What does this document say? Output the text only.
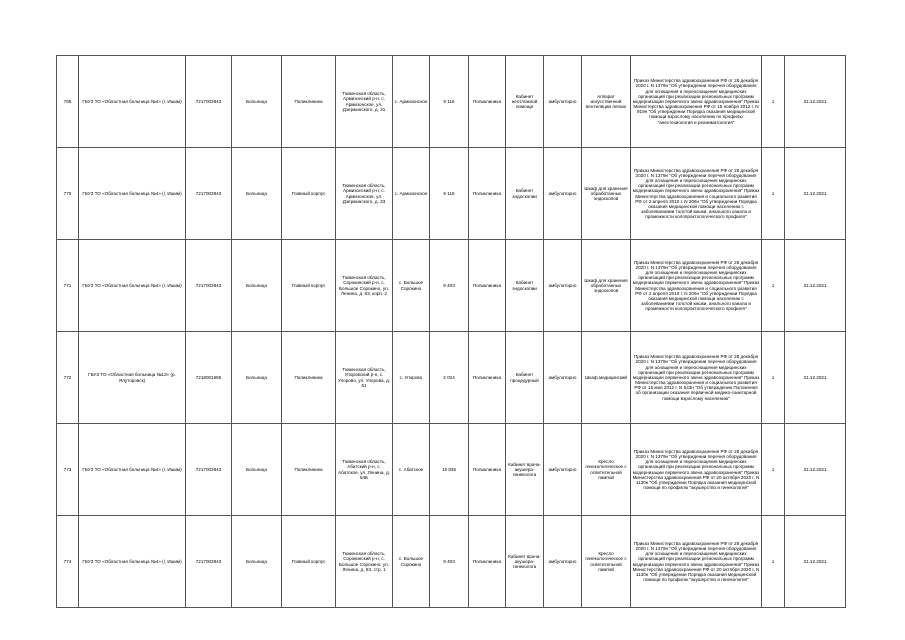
768	ГБУЗ ТО «Областная больница №4» (г. Ишим)	7217003842	Больница	Поликлиника	Тюменская область, Армизонский р-н, с. Армизонское, ул. Дзержинского, д. 31	с. Армизонское	9 116	Поликлиника	Кабинет неотложной помощи	амбулаторно	Аппарат искусственной вентиляции легких	Приказ Министерства здравоохранения РФ от 28 декабря 2020 г. N 1379н "Об утверждении перечня оборудования для оснащения и переоснащения медицинских организаций при реализации региональных программ модернизации первичного звена здравоохранения" Приказ Министерства здравоохранения РФ от 15 ноября 2012 г. N 919н "Об утверждении Порядка оказания медицинской помощи взрослому населению по профилю "анестезиология и реаниматология"	1	31.12.2021
770	ГБУЗ ТО «Областная больница №4» (г. Ишим)	7217003842	Больница	Главный корпус	Тюменская область, Армизонский р-н, с. Армизонское, ул. Дзержинского, д. 33	с. Армизонское	9 116	Поликлиника	Кабинет эндоскопии	амбулаторно	Шкаф для хранения обработанных эндоскопов	Приказ Министерства здравоохранения РФ от 28 декабря 2020 г. N 1379н "Об утверждении перечня оборудования для оснащения и переоснащения медицинских организаций при реализации региональных программ модернизации первичного звена здравоохранения" Приказ Министерства здравоохранения и социального развития РФ от 2 апреля 2010 г. N 206н "Об утверждении Порядка оказания медицинской помощи населению с заболеваниями толстой кишки, анального канала и промежности колопроктологического профиля"	1	31.12.2021
771	ГБУЗ ТО «Областная больница №4» (г. Ишим)	7217003842	Больница	Главный корпус	Тюменская область, Сорокинский р-н, с. Большое Сорокино, ул. Ленина, д. 83, корп. 2	с. Большое Сорокино	9 403	Поликлиника	Кабинет эндоскопии	амбулаторно	Шкаф для хранения обработанных эндоскопов	Приказ Министерства здравоохранения РФ от 28 декабря 2020 г. N 1379н "Об утверждении перечня оборудования для оснащения и переоснащения медицинских организаций при реализации региональных программ модернизации первичного звена здравоохранения" Приказ Министерства здравоохранения и социального развития РФ от 2 апреля 2010 г. N 206н "Об утверждении Порядка оказания медицинской помощи населению с заболеваниями толстой кишки, анального канала и промежности колопроктологического профиля"	1	31.12.2021
772	ГБУЗ ТО «Областная больница №13» (р. Ялуторовск)	7218001685	Больница	Поликлиника	Тюменская область, Упоровский р-н, с. Упорово, ул. Упорова, д. 61	с. Упорово	2 024	Поликлиника	Кабинет процедурный	амбулаторно	Шкаф медицинский	Приказ Министерства здравоохранения РФ от 28 декабря 2020 г. N 1379н "Об утверждении перечня оборудования для оснащения и переоснащения медицинских организаций при реализации региональных программ модернизации первичного звена здравоохранения" Приказ Министерства здравоохранения и социального развития РФ от 15 мая 2012 г. N 543н "Об утверждении Положения об организации оказания первичной медико-санитарной помощи взрослому населению"	1	31.12.2021
773	ГБУЗ ТО «Областная больница №4» (г. Ишим)	7217003842	Больница	Поликлиника	Тюменская область, Абатский р-н, с. Абатское, ул. Ленина, д. 54Б	с. Абатское	16 835	Поликлиника	Кабинет врача-акушера-гинеколога	амбулаторно	Кресло гинекологическое с осветительной лампой	Приказ Министерства здравоохранения РФ от 28 декабря 2020 г. N 1379н "Об утверждении перечня оборудования для оснащения и переоснащения медицинских организаций при реализации региональных программ модернизации первичного звена здравоохранения" Приказ Министерства здравоохранения РФ от 20 октября 2020 г. N 1130н "Об утверждении Порядка оказания медицинской помощи по профилю "акушерство и гинекология"	1	31.12.2021
774	ГБУЗ ТО «Областная больница №4» (г. Ишим)	7217003842	Больница	Главный корпус	Тюменская область, Сорокинский р-н, с. Большое Сорокино, ул. Ленина, д. 83, стр. 1	с. Большое Сорокино	9 403	Поликлиника	Кабинет врача-акушера-гинеколога	амбулаторно	Кресло гинекологическое с осветительной лампой	Приказ Министерства здравоохранения РФ от 28 декабря 2020 г. N 1379н "Об утверждении перечня оборудования для оснащения и переоснащения медицинских организаций при реализации региональных программ модернизации первичного звена здравоохранения" Приказ Министерства здравоохранения РФ от 20 октября 2020 г. N 1130н "Об утверждении Порядка оказания медицинской помощи по профилю "акушерство и гинекология"	1	31.12.2021
